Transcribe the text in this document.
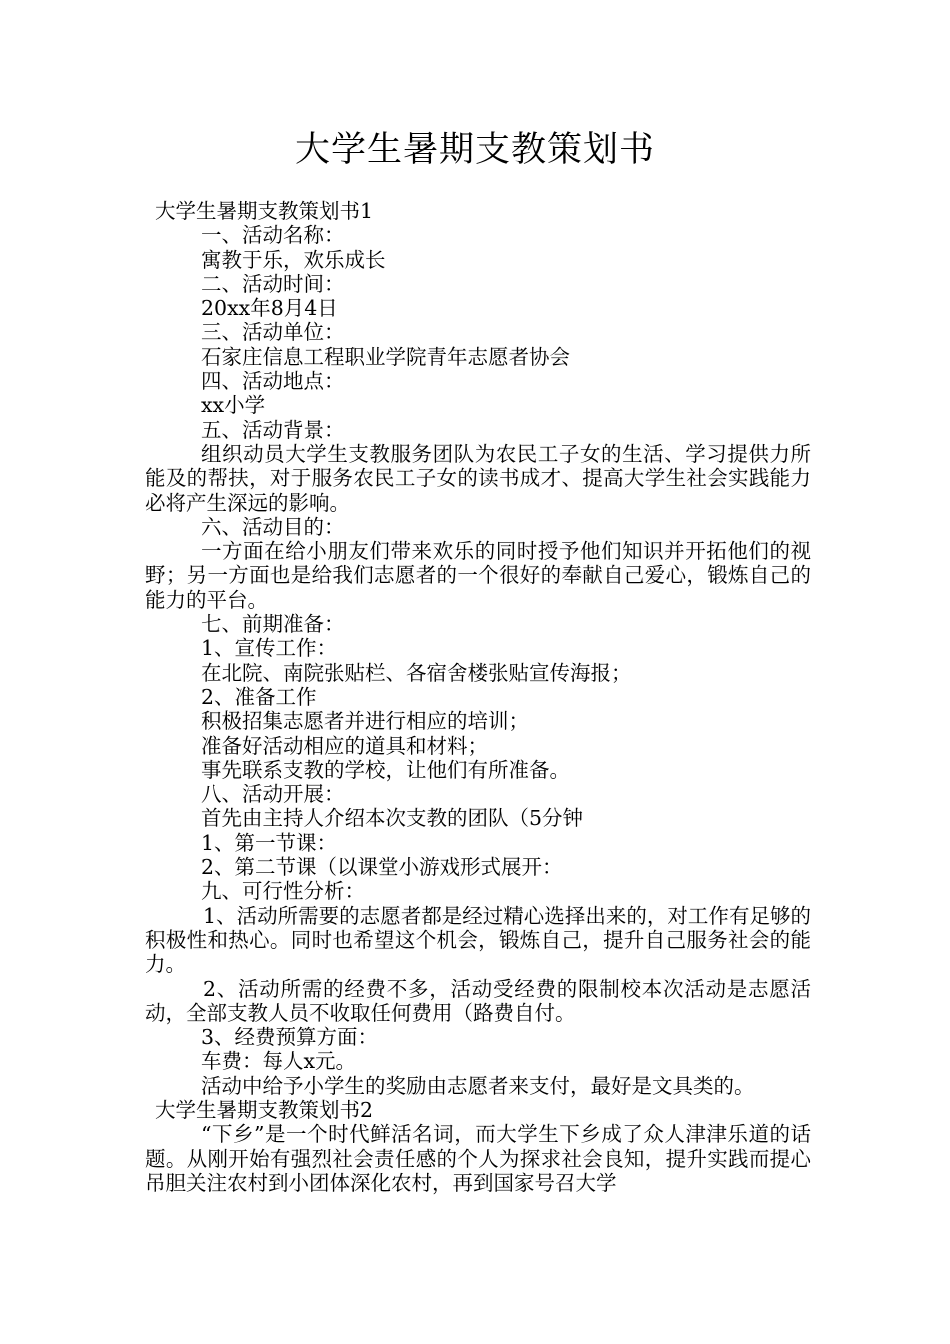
大学生暑期支教策划书

大学生暑期支教策划书1

一、活动名称：

寓教于乐，欢乐成长

二、活动时间：

20xx年8月4日

三、活动单位：

石家庄信息工程职业学院青年志愿者协会

四、活动地点：

xx小学

五、活动背景：

组织动员大学生支教服务团队为农民工子女的生活、学习提供力所能及的帮扶，对于服务农民工子女的读书成才、提高大学生社会实践能力必将产生深远的影响。

六、活动目的：

一方面在给小朋友们带来欢乐的同时授予他们知识并开拓他们的视野；另一方面也是给我们志愿者的一个很好的奉献自己爱心，锻炼自己的能力的平台。

七、前期准备：

1、宣传工作：

在北院、南院张贴栏、各宿舍楼张贴宣传海报；

2、准备工作

积极招集志愿者并进行相应的培训；

准备好活动相应的道具和材料；

事先联系支教的学校，让他们有所准备。

八、活动开展：

首先由主持人介绍本次支教的团队（5分钟

1、第一节课：

2、第二节课（以课堂小游戏形式展开：

九、可行性分析：

1、活动所需要的志愿者都是经过精心选择出来的，对工作有足够的积极性和热心。同时也希望这个机会，锻炼自己，提升自己服务社会的能力。

2、活动所需的经费不多，活动受经费的限制校本次活动是志愿活动，全部支教人员不收取任何费用（路费自付。

3、经费预算方面：

车费：每人x元。

活动中给予小学生的奖励由志愿者来支付，最好是文具类的。

大学生暑期支教策划书2

“下乡”是一个时代鲜活名词，而大学生下乡成了众人津津乐道的话题。从刚开始有强烈社会责任感的个人为探求社会良知，提升实践而提心吊胆关注农村到小团体深化农村，再到国家号召大学
